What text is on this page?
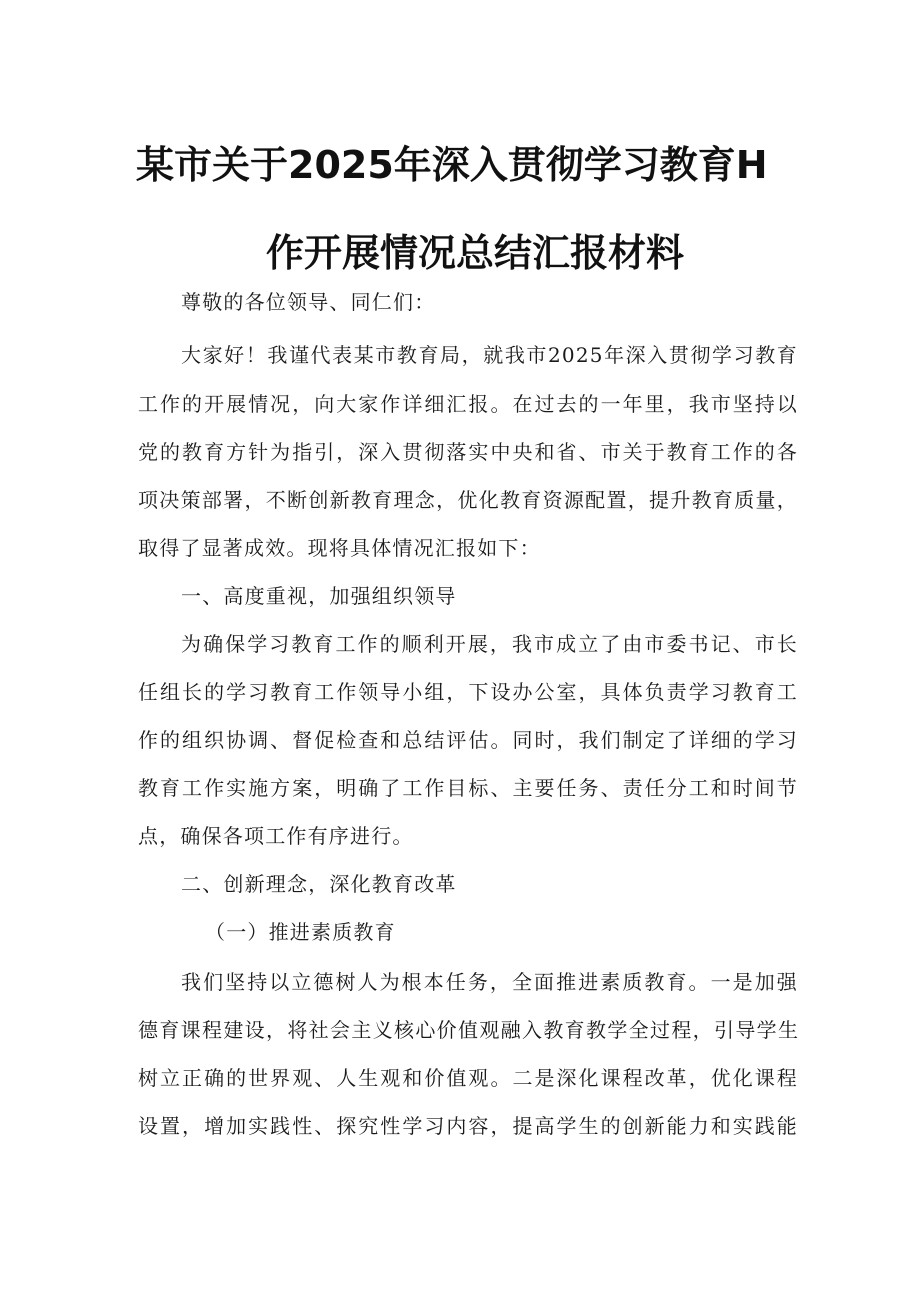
某市关于2025年深入贯彻学习教育H
作开展情况总结汇报材料
尊敬的各位领导、同仁们：
大家好！我谨代表某市教育局，就我市2025年深入贯彻学习教育
工作的开展情况，向大家作详细汇报。在过去的一年里，我市坚持以
党的教育方针为指引，深入贯彻落实中央和省、市关于教育工作的各
项决策部署，不断创新教育理念，优化教育资源配置，提升教育质量，
取得了显著成效。现将具体情况汇报如下：
一、高度重视，加强组织领导
为确保学习教育工作的顺利开展，我市成立了由市委书记、市长
任组长的学习教育工作领导小组，下设办公室，具体负责学习教育工
作的组织协调、督促检查和总结评估。同时，我们制定了详细的学习
教育工作实施方案，明确了工作目标、主要任务、责任分工和时间节
点，确保各项工作有序进行。
二、创新理念，深化教育改革
（一）推进素质教育
我们坚持以立德树人为根本任务，全面推进素质教育。一是加强
德育课程建设，将社会主义核心价值观融入教育教学全过程，引导学生
树立正确的世界观、人生观和价值观。二是深化课程改革，优化课程
设置，增加实践性、探究性学习内容，提高学生的创新能力和实践能
